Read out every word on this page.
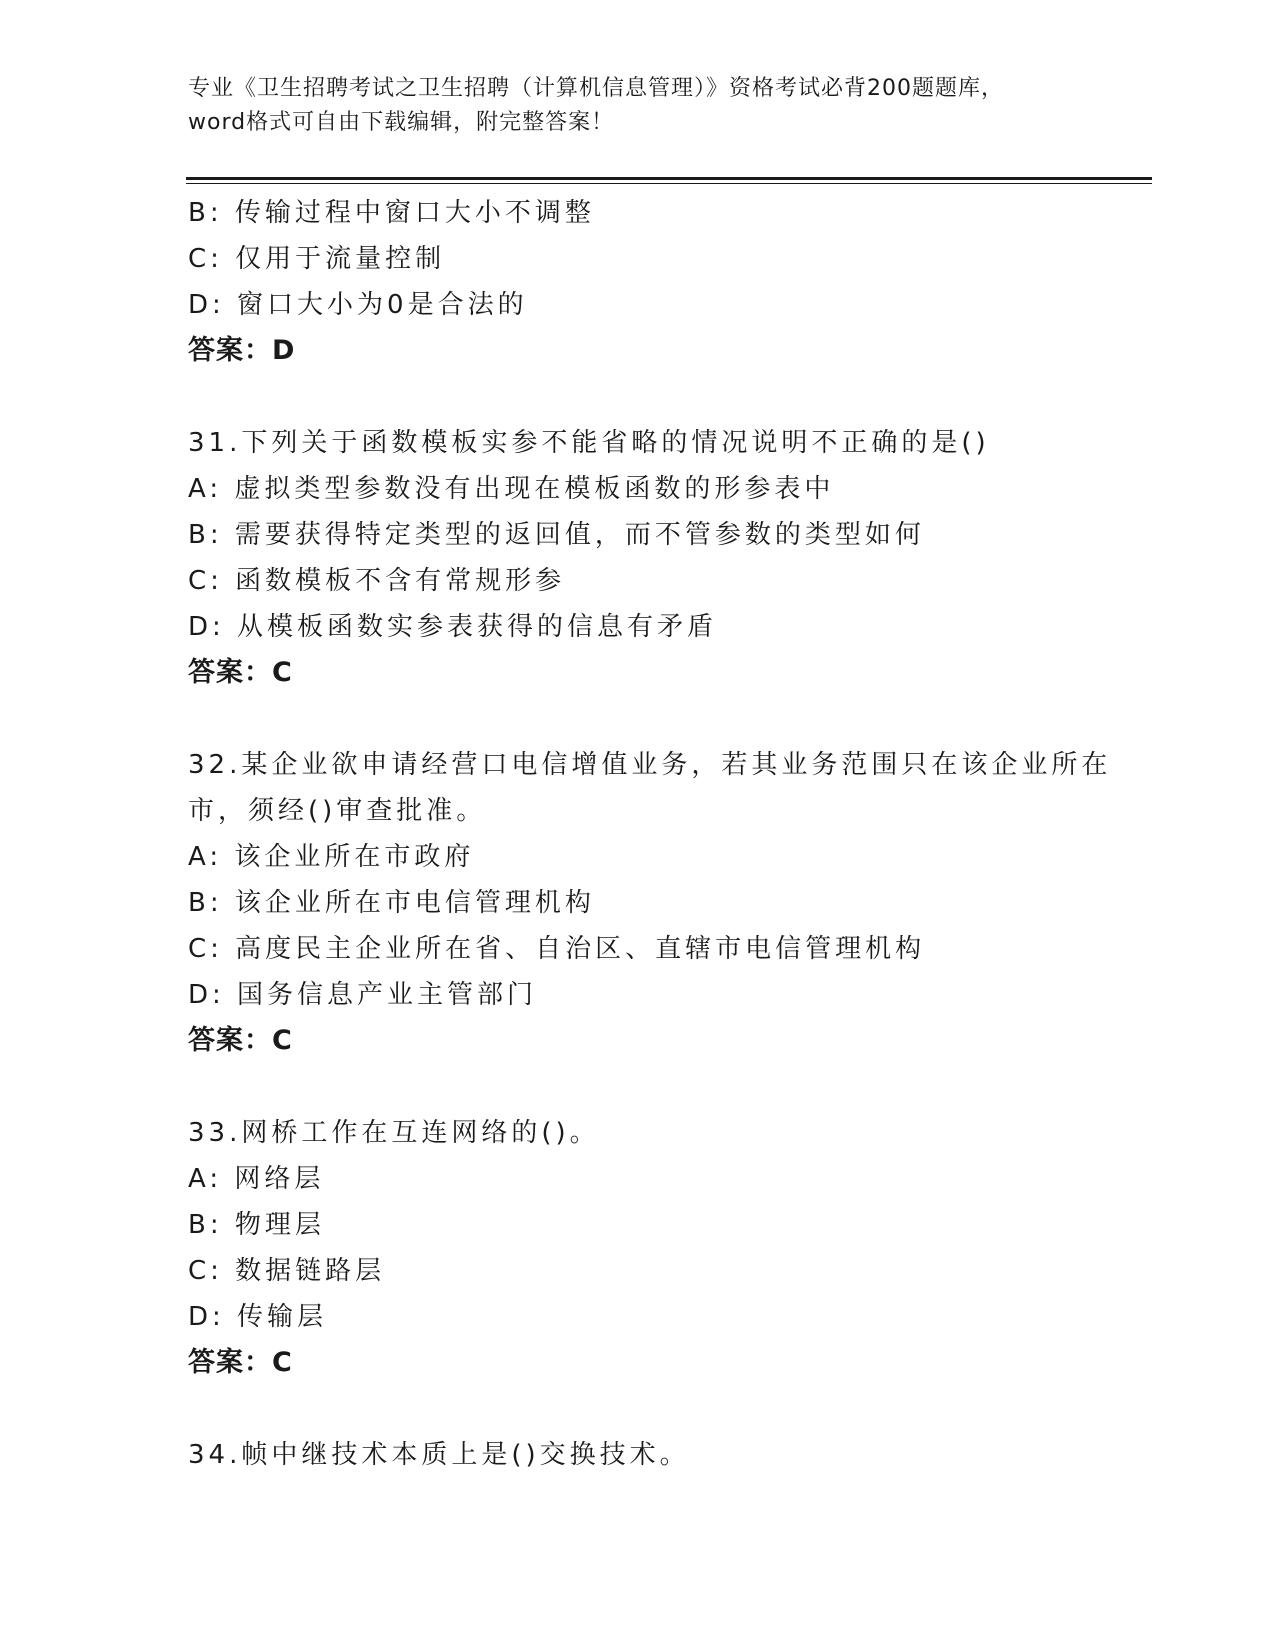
专业《卫生招聘考试之卫生招聘（计算机信息管理）》资格考试必背200题题库，
word格式可自由下载编辑，附完整答案！
B: 传输过程中窗口大小不调整
C: 仅用于流量控制
D: 窗口大小为0是合法的
答案：D
31.下列关于函数模板实参不能省略的情况说明不正确的是()
A: 虚拟类型参数没有出现在模板函数的形参表中
B: 需要获得特定类型的返回值，而不管参数的类型如何
C: 函数模板不含有常规形参
D: 从模板函数实参表获得的信息有矛盾
答案：C
32.某企业欲申请经营口电信增值业务，若其业务范围只在该企业所在
市，须经()审查批准。
A: 该企业所在市政府
B: 该企业所在市电信管理机构
C: 高度民主企业所在省、自治区、直辖市电信管理机构
D: 国务信息产业主管部门
答案：C
33.网桥工作在互连网络的()。
A: 网络层
B: 物理层
C: 数据链路层
D: 传输层
答案：C
34.帧中继技术本质上是()交换技术。
